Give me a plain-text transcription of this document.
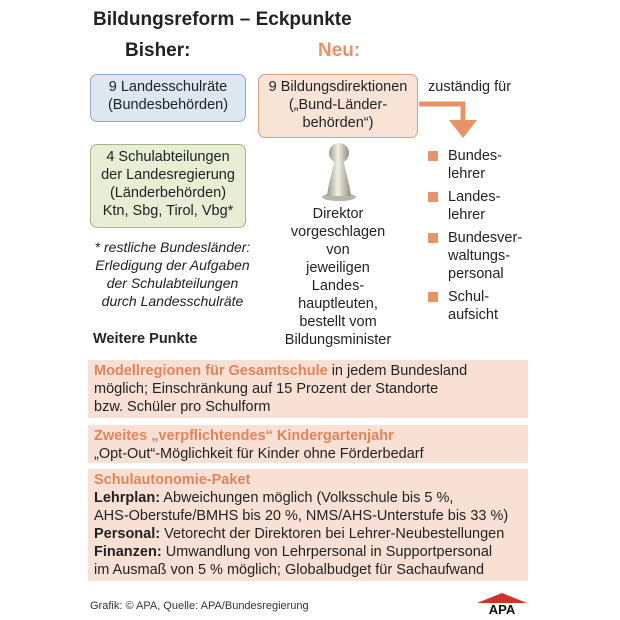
Bildungsreform – Eckpunkte
Bisher:	Neu:
9 Landesschulräte
(Bundesbehörden)
9 Bildungsdirektionen
(„Bund-Länder-
behörden“)
zuständig für
4 Schulabteilungen
der Landesregierung
(Länderbehörden)
Ktn, Sbg, Tirol, Vbg*
* restliche Bundesländer:
Erledigung der Aufgaben
der Schulabteilungen
durch Landesschulräte
Direktor
vorgeschlagen von
jeweiligen Landes-
hauptleuten,
bestellt vom
Bildungsminister
Bundes-
lehrer
Landes-
lehrer
Bundesver-
waltungs-
personal
Schul-
aufsicht
Weitere Punkte
Modellregionen für Gesamtschule in jedem Bundesland
möglich; Einschränkung auf 15 Prozent der Standorte
bzw. Schüler pro Schulform
Zweites „verpflichtendes“ Kindergartenjahr
„Opt-Out“-Möglichkeit für Kinder ohne Förderbedarf
Schulautonomie-Paket
Lehrplan: Abweichungen möglich (Volksschule bis 5 %,
AHS-Oberstufe/BMHS bis 20 %, NMS/AHS-Unterstufe bis 33 %)
Personal: Vetorecht der Direktoren bei Lehrer-Neubestellungen
Finanzen: Umwandlung von Lehrpersonal in Supportpersonal
im Ausmaß von 5 % möglich; Globalbudget für Sachaufwand
Grafik: © APA, Quelle: APA/Bundesregierung	APA
